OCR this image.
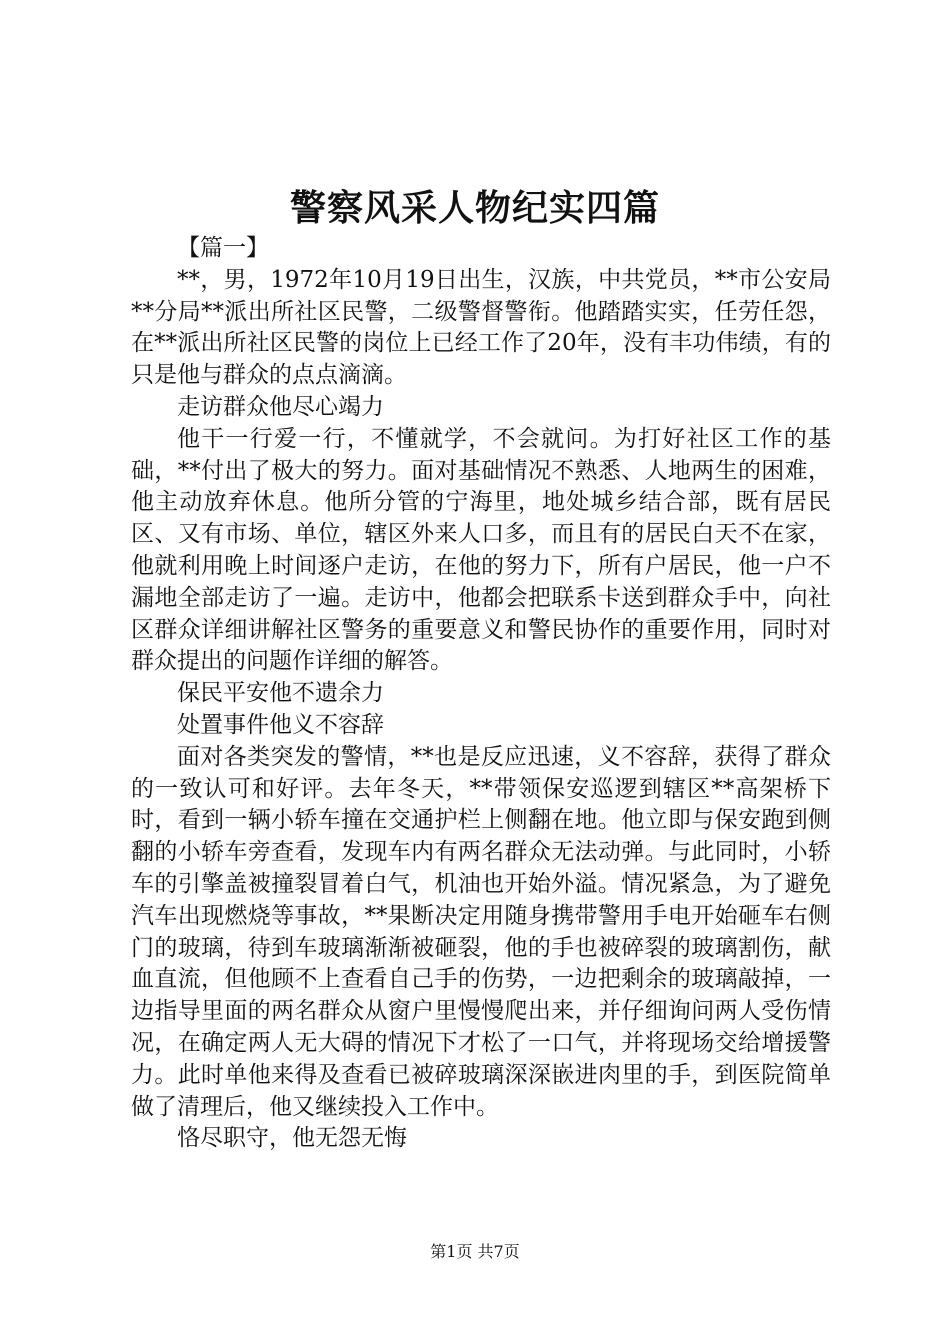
警察风采人物纪实四篇

【篇一】

**，男，1972年10月19日出生，汉族，中共党员，**市公安局**分局**派出所社区民警，二级警督警衔。他踏踏实实，任劳任怨，在**派出所社区民警的岗位上已经工作了20年，没有丰功伟绩，有的只是他与群众的点点滴滴。

走访群众他尽心竭力

他干一行爱一行，不懂就学，不会就问。为打好社区工作的基础，**付出了极大的努力。面对基础情况不熟悉、人地两生的困难，他主动放弃休息。他所分管的宁海里，地处城乡结合部，既有居民区、又有市场、单位，辖区外来人口多，而且有的居民白天不在家，他就利用晚上时间逐户走访，在他的努力下，所有户居民，他一户不漏地全部走访了一遍。走访中，他都会把联系卡送到群众手中，向社区群众详细讲解社区警务的重要意义和警民协作的重要作用，同时对群众提出的问题作详细的解答。

保民平安他不遗余力

处置事件他义不容辞

面对各类突发的警情，**也是反应迅速，义不容辞，获得了群众的一致认可和好评。去年冬天，**带领保安巡逻到辖区**高架桥下时，看到一辆小轿车撞在交通护栏上侧翻在地。他立即与保安跑到侧翻的小轿车旁查看，发现车内有两名群众无法动弹。与此同时，小轿车的引擎盖被撞裂冒着白气，机油也开始外溢。情况紧急，为了避免汽车出现燃烧等事故，**果断决定用随身携带警用手电开始砸车右侧门的玻璃，待到车玻璃渐渐被砸裂，他的手也被碎裂的玻璃割伤，献血直流，但他顾不上查看自己手的伤势，一边把剩余的玻璃敲掉，一边指导里面的两名群众从窗户里慢慢爬出来，并仔细询问两人受伤情况，在确定两人无大碍的情况下才松了一口气，并将现场交给增援警力。此时单他来得及查看已被碎玻璃深深嵌进肉里的手，到医院简单做了清理后，他又继续投入工作中。

恪尽职守，他无怨无悔

第1页 共7页
